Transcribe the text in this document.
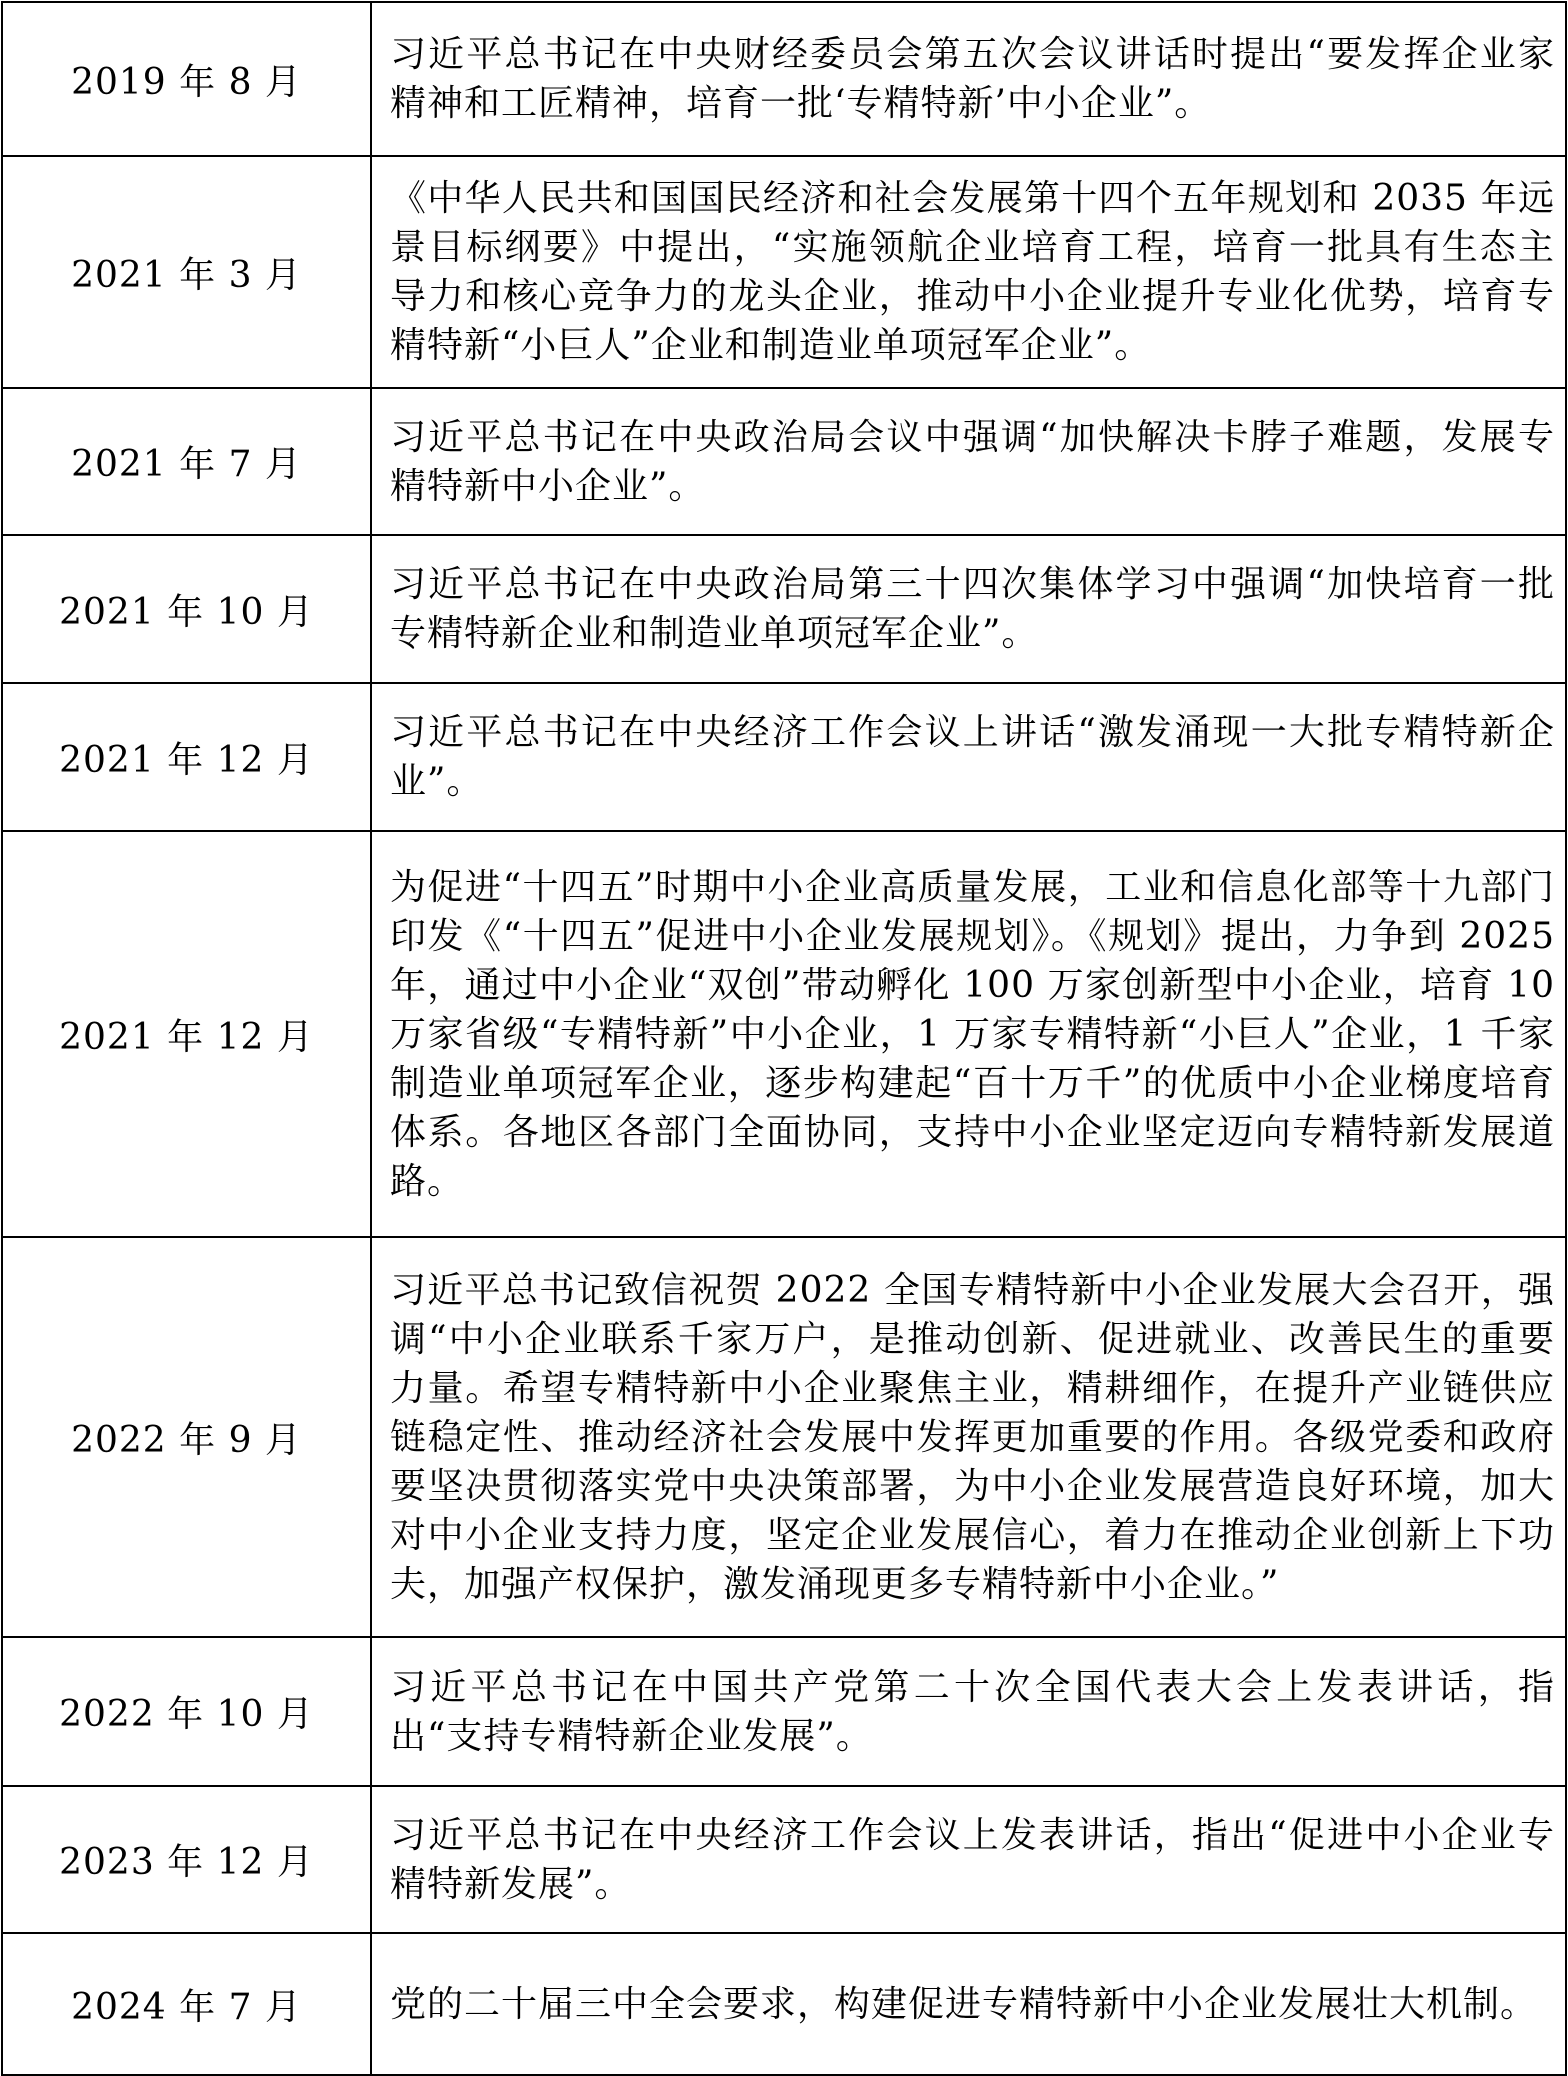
2019 年 8 月	习近平总书记在中央财经委员会第五次会议讲话时提出“要发挥企业家精神和工匠精神，培育一批‘专精特新’中小企业”。
2021 年 3 月	《中华人民共和国国民经济和社会发展第十四个五年规划和 2035 年远景目标纲要》中提出，“实施领航企业培育工程，培育一批具有生态主导力和核心竞争力的龙头企业，推动中小企业提升专业化优势，培育专精特新“小巨人”企业和制造业单项冠军企业”。
2021 年 7 月	习近平总书记在中央政治局会议中强调“加快解决卡脖子难题，发展专精特新中小企业”。
2021 年 10 月	习近平总书记在中央政治局第三十四次集体学习中强调“加快培育一批专精特新企业和制造业单项冠军企业”。
2021 年 12 月	习近平总书记在中央经济工作会议上讲话“激发涌现一大批专精特新企业”。
2021 年 12 月	为促进“十四五”时期中小企业高质量发展，工业和信息化部等十九部门印发《“十四五”促进中小企业发展规划》。《规划》提出，力争到 2025 年，通过中小企业“双创”带动孵化 100 万家创新型中小企业，培育 10 万家省级“专精特新”中小企业，1 万家专精特新“小巨人”企业，1 千家制造业单项冠军企业，逐步构建起“百十万千”的优质中小企业梯度培育体系。各地区各部门全面协同，支持中小企业坚定迈向专精特新发展道路。
2022 年 9 月	习近平总书记致信祝贺 2022 全国专精特新中小企业发展大会召开，强调“中小企业联系千家万户，是推动创新、促进就业、改善民生的重要力量。希望专精特新中小企业聚焦主业，精耕细作，在提升产业链供应链稳定性、推动经济社会发展中发挥更加重要的作用。各级党委和政府要坚决贯彻落实党中央决策部署，为中小企业发展营造良好环境，加大对中小企业支持力度，坚定企业发展信心，着力在推动企业创新上下功夫，加强产权保护，激发涌现更多专精特新中小企业。”
2022 年 10 月	习近平总书记在中国共产党第二十次全国代表大会上发表讲话，指出“支持专精特新企业发展”。
2023 年 12 月	习近平总书记在中央经济工作会议上发表讲话，指出“促进中小企业专精特新发展”。
2024 年 7 月	党的二十届三中全会要求，构建促进专精特新中小企业发展壮大机制。
